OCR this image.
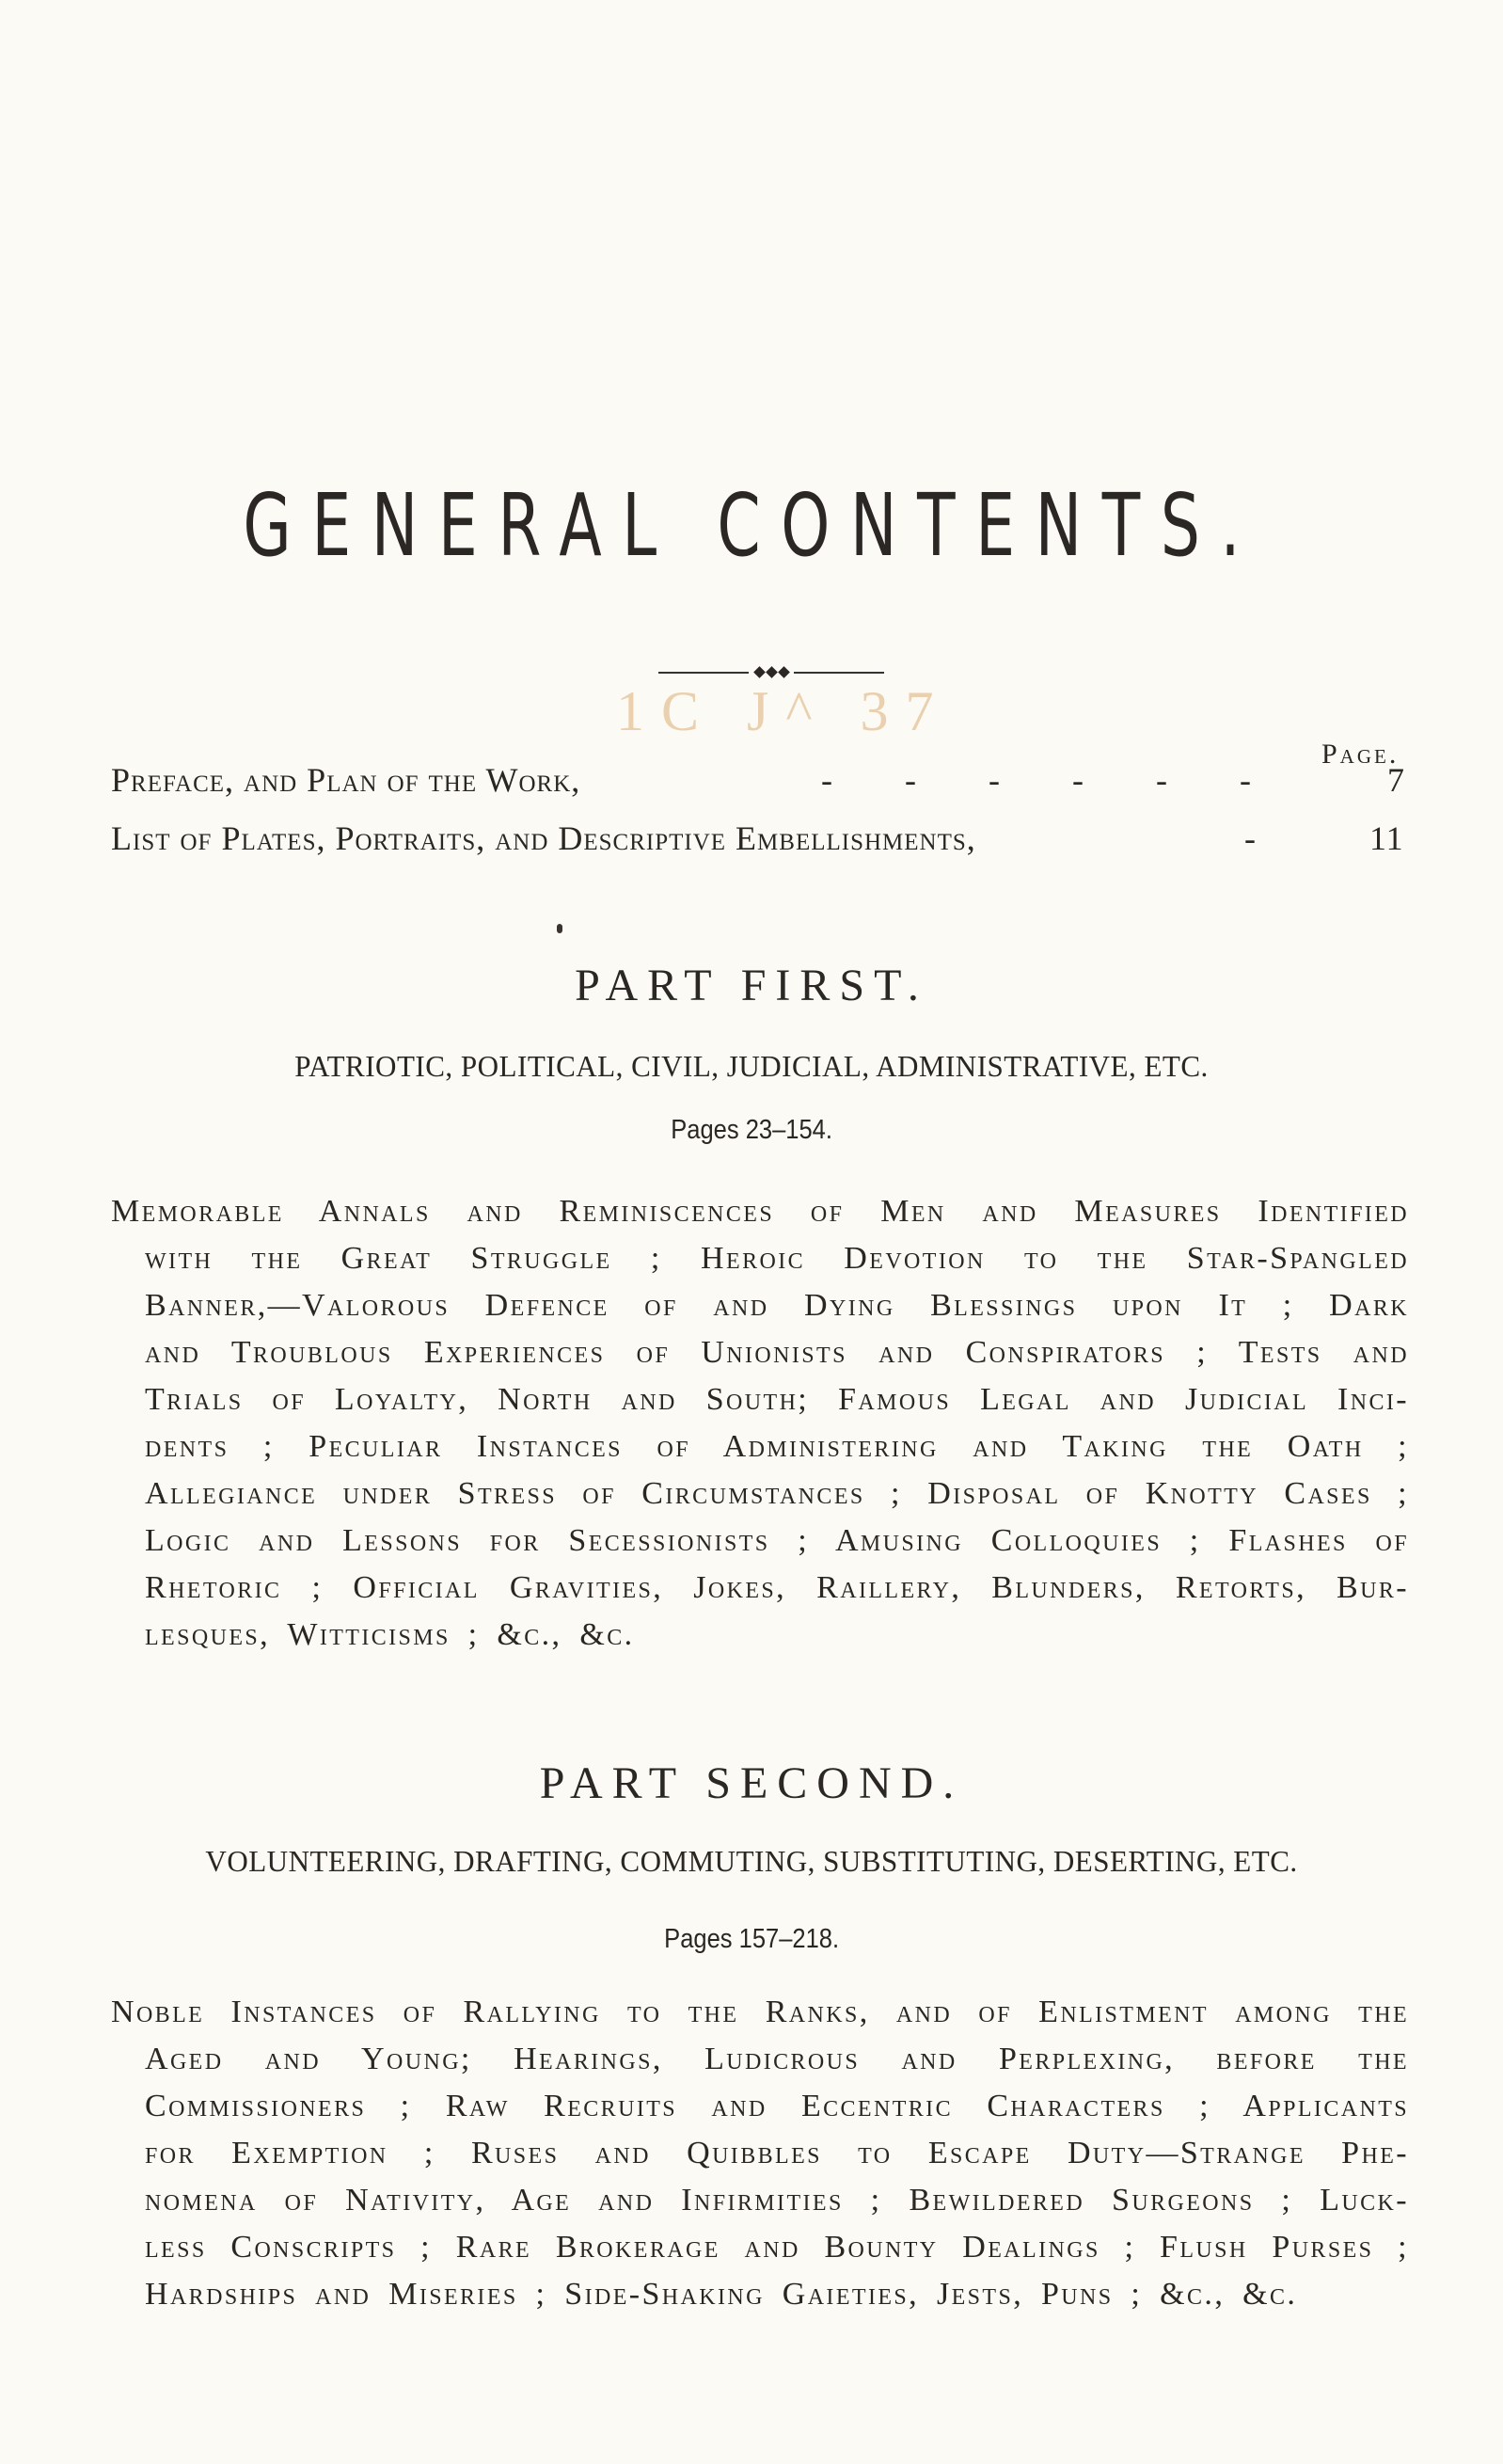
GENERAL CONTENTS.
1C J^ 37
Page.
Preface, and Plan of the Work,	- - - - - -	7
List of Plates, Portraits, and Descriptive Embellishments,	-	11
PART FIRST.
PATRIOTIC, POLITICAL, CIVIL, JUDICIAL, ADMINISTRATIVE, ETC.
Pages 23–154.
Memorable Annals and Reminiscences of Men and Measures Identified
with the Great Struggle ; Heroic Devotion to the Star-Spangled
Banner,—Valorous Defence of and Dying Blessings upon It ; Dark
and Troublous Experiences of Unionists and Conspirators ; Tests and
Trials of Loyalty, North and South; Famous Legal and Judicial Inci-
dents ; Peculiar Instances of Administering and Taking the Oath ;
Allegiance under Stress of Circumstances ; Disposal of Knotty Cases ;
Logic and Lessons for Secessionists ; Amusing Colloquies ; Flashes of
Rhetoric ; Official Gravities, Jokes, Raillery, Blunders, Retorts, Bur-
lesques, Witticisms ; &c., &c.
PART SECOND.
VOLUNTEERING, DRAFTING, COMMUTING, SUBSTITUTING, DESERTING, ETC.
Pages 157–218.
Noble Instances of Rallying to the Ranks, and of Enlistment among the
Aged and Young; Hearings, Ludicrous and Perplexing, before the
Commissioners ; Raw Recruits and Eccentric Characters ; Applicants
for Exemption ; Ruses and Quibbles to Escape Duty—Strange Phe-
nomena of Nativity, Age and Infirmities ; Bewildered Surgeons ; Luck-
less Conscripts ; Rare Brokerage and Bounty Dealings ; Flush Purses ;
Hardships and Miseries ; Side-Shaking Gaieties, Jests, Puns ; &c., &c.
